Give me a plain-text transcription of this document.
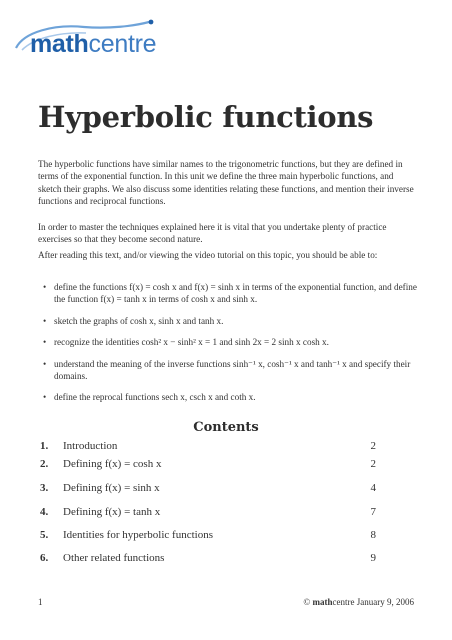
mathcentre
Hyperbolic functions
The hyperbolic functions have similar names to the trigonometric functions, but they are defined in terms of the exponential function. In this unit we define the three main hyperbolic functions, and sketch their graphs. We also discuss some identities relating these functions, and mention their inverse functions and reciprocal functions.
In order to master the techniques explained here it is vital that you undertake plenty of practice exercises so that they become second nature.
After reading this text, and/or viewing the video tutorial on this topic, you should be able to:
• define the functions f(x) = cosh x and f(x) = sinh x in terms of the exponential function, and define the function f(x) = tanh x in terms of cosh x and sinh x.
• sketch the graphs of cosh x, sinh x and tanh x.
• recognize the identities cosh² x − sinh² x = 1 and sinh 2x = 2 sinh x cosh x.
• understand the meaning of the inverse functions sinh⁻¹ x, cosh⁻¹ x and tanh⁻¹ x and specify their domains.
• define the reprocal functions sech x, csch x and coth x.
Contents
1. Introduction	2
2. Defining f(x) = cosh x	2
3. Defining f(x) = sinh x	4
4. Defining f(x) = tanh x	7
5. Identities for hyperbolic functions	8
6. Other related functions	9
1	© mathcentre January 9, 2006
